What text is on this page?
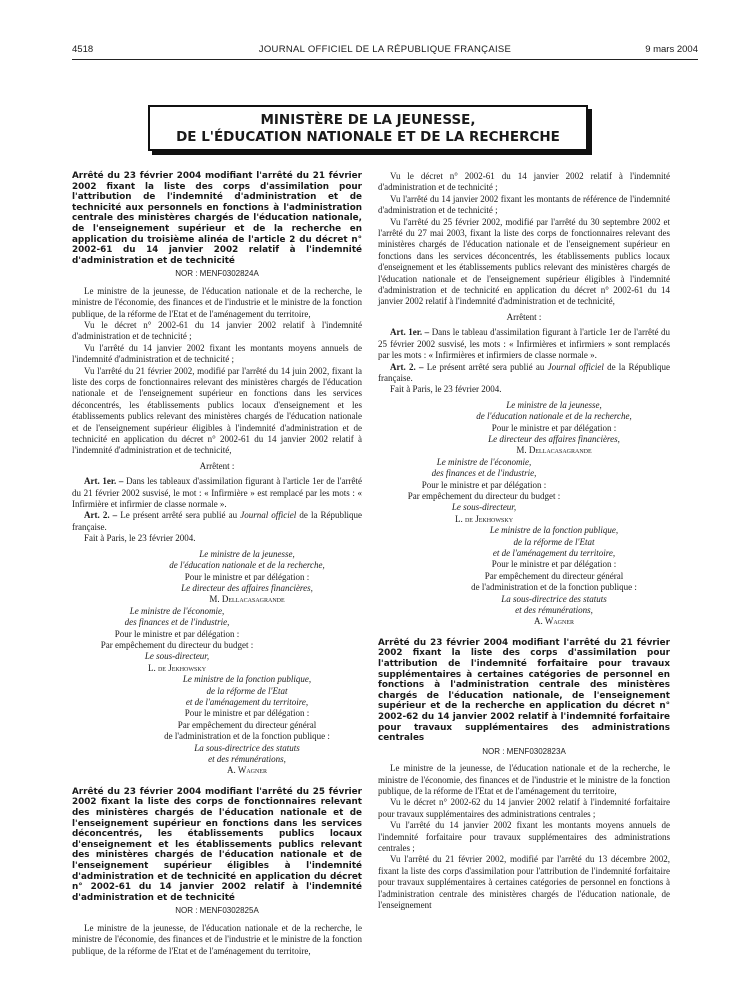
4518	JOURNAL OFFICIEL DE LA RÉPUBLIQUE FRANÇAISE	9 mars 2004
MINISTÈRE DE LA JEUNESSE,
DE L'ÉDUCATION NATIONALE ET DE LA RECHERCHE
Arrêté du 23 février 2004 modifiant l'arrêté du 21 février 2002 fixant la liste des corps d'assimilation pour l'attribution de l'indemnité d'administration et de technicité aux personnels en fonctions à l'administration centrale des ministères chargés de l'éducation nationale, de l'enseignement supérieur et de la recherche en application du troisième alinéa de l'article 2 du décret n° 2002-61 du 14 janvier 2002 relatif à l'indemnité d'administration et de technicité
NOR : MENF0302824A

Le ministre de la jeunesse, de l'éducation nationale et de la recherche, le ministre de l'économie, des finances et de l'industrie et le ministre de la fonction publique, de la réforme de l'Etat et de l'aménagement du territoire,

Vu le décret n° 2002-61 du 14 janvier 2002 relatif à l'indemnité d'administration et de technicité ;

Vu l'arrêté du 14 janvier 2002 fixant les montants moyens annuels de l'indemnité d'administration et de technicité ;

Vu l'arrêté du 21 février 2002, modifié par l'arrêté du 14 juin 2002, fixant la liste des corps de fonctionnaires relevant des ministères chargés de l'éducation nationale et de l'enseignement supérieur en fonctions dans les services déconcentrés, les établissements publics locaux d'enseignement et les établissements publics relevant des ministères chargés de l'éducation nationale et de l'enseignement supérieur éligibles à l'indemnité d'administration et de technicité en application du décret n° 2002-61 du 14 janvier 2002 relatif à l'indemnité d'administration et de technicité,

Arrêtent :

Art. 1er. – Dans les tableaux d'assimilation figurant à l'article 1er de l'arrêté du 21 février 2002 susvisé, le mot : « Infirmière » est remplacé par les mots : « Infirmière et infirmier de classe normale ».

Art. 2. – Le présent arrêté sera publié au Journal officiel de la République française.

Fait à Paris, le 23 février 2004.

Le ministre de la jeunesse,
de l'éducation nationale et de la recherche,
Pour le ministre et par délégation :
Le directeur des affaires financières,
M. Dellacasagrande
Le ministre de l'économie,
des finances et de l'industrie,
Pour le ministre et par délégation :
Par empêchement du directeur du budget :
Le sous-directeur,
L. de Jekhowsky
Le ministre de la fonction publique,
de la réforme de l'Etat
et de l'aménagement du territoire,
Pour le ministre et par délégation :
Par empêchement du directeur général
de l'administration et de la fonction publique :
La sous-directrice des statuts
et des rémunérations,
A. Wagner
Arrêté du 23 février 2004 modifiant l'arrêté du 25 février 2002 fixant la liste des corps de fonctionnaires relevant des ministères chargés de l'éducation nationale et de l'enseignement supérieur en fonctions dans les services déconcentrés, les établissements publics locaux d'enseignement et les établissements publics relevant des ministères chargés de l'éducation nationale et de l'enseignement supérieur éligibles à l'indemnité d'administration et de technicité en application du décret n° 2002-61 du 14 janvier 2002 relatif à l'indemnité d'administration et de technicité
NOR : MENF0302825A

Le ministre de la jeunesse, de l'éducation nationale et de la recherche, le ministre de l'économie, des finances et de l'industrie et le ministre de la fonction publique, de la réforme de l'Etat et de l'aménagement du territoire,

Vu le décret n° 2002-61 du 14 janvier 2002 relatif à l'indemnité d'administration et de technicité ;

Vu l'arrêté du 14 janvier 2002 fixant les montants de référence de l'indemnité d'administration et de technicité ;

Vu l'arrêté du 25 février 2002, modifié par l'arrêté du 30 septembre 2002 et l'arrêté du 27 mai 2003, fixant la liste des corps de fonctionnaires relevant des ministères chargés de l'éducation nationale et de l'enseignement supérieur en fonctions dans les services déconcentrés, les établissements publics locaux d'enseignement et les établissements publics relevant des ministères chargés de l'éducation nationale et de l'enseignement supérieur éligibles à l'indemnité d'administration et de technicité en application du décret n° 2002-61 du 14 janvier 2002 relatif à l'indemnité d'administration et de technicité,

Arrêtent :

Art. 1er. – Dans le tableau d'assimilation figurant à l'article 1er de l'arrêté du 25 février 2002 susvisé, les mots : « Infirmières et infirmiers » sont remplacés par les mots : « Infirmières et infirmiers de classe normale ».

Art. 2. – Le présent arrêté sera publié au Journal officiel de la République française.

Fait à Paris, le 23 février 2004.

Le ministre de la jeunesse,
de l'éducation nationale et de la recherche,
Pour le ministre et par délégation :
Le directeur des affaires financières,
M. Dellacasagrande
Le ministre de l'économie,
des finances et de l'industrie,
Pour le ministre et par délégation :
Par empêchement du directeur du budget :
Le sous-directeur,
L. de Jekhowsky
Le ministre de la fonction publique,
de la réforme de l'Etat
et de l'aménagement du territoire,
Pour le ministre et par délégation :
Par empêchement du directeur général
de l'administration et de la fonction publique :
La sous-directrice des statuts
et des rémunérations,
A. Wagner
Arrêté du 23 février 2004 modifiant l'arrêté du 21 février 2002 fixant la liste des corps d'assimilation pour l'attribution de l'indemnité forfaitaire pour travaux supplémentaires à certaines catégories de personnel en fonctions à l'administration centrale des ministères chargés de l'éducation nationale, de l'enseignement supérieur et de la recherche en application du décret n° 2002-62 du 14 janvier 2002 relatif à l'indemnité forfaitaire pour travaux supplémentaires des administrations centrales
NOR : MENF0302823A

Le ministre de la jeunesse, de l'éducation nationale et de la recherche, le ministre de l'économie, des finances et de l'industrie et le ministre de la fonction publique, de la réforme de l'Etat et de l'aménagement du territoire,

Vu le décret n° 2002-62 du 14 janvier 2002 relatif à l'indemnité forfaitaire pour travaux supplémentaires des administrations centrales ;

Vu l'arrêté du 14 janvier 2002 fixant les montants moyens annuels de l'indemnité forfaitaire pour travaux supplémentaires des administrations centrales ;

Vu l'arrêté du 21 février 2002, modifié par l'arrêté du 13 décembre 2002, fixant la liste des corps d'assimilation pour l'attribution de l'indemnité forfaitaire pour travaux supplémentaires à certaines catégories de personnel en fonctions à l'administration centrale des ministères chargés de l'éducation nationale, de l'enseignement
